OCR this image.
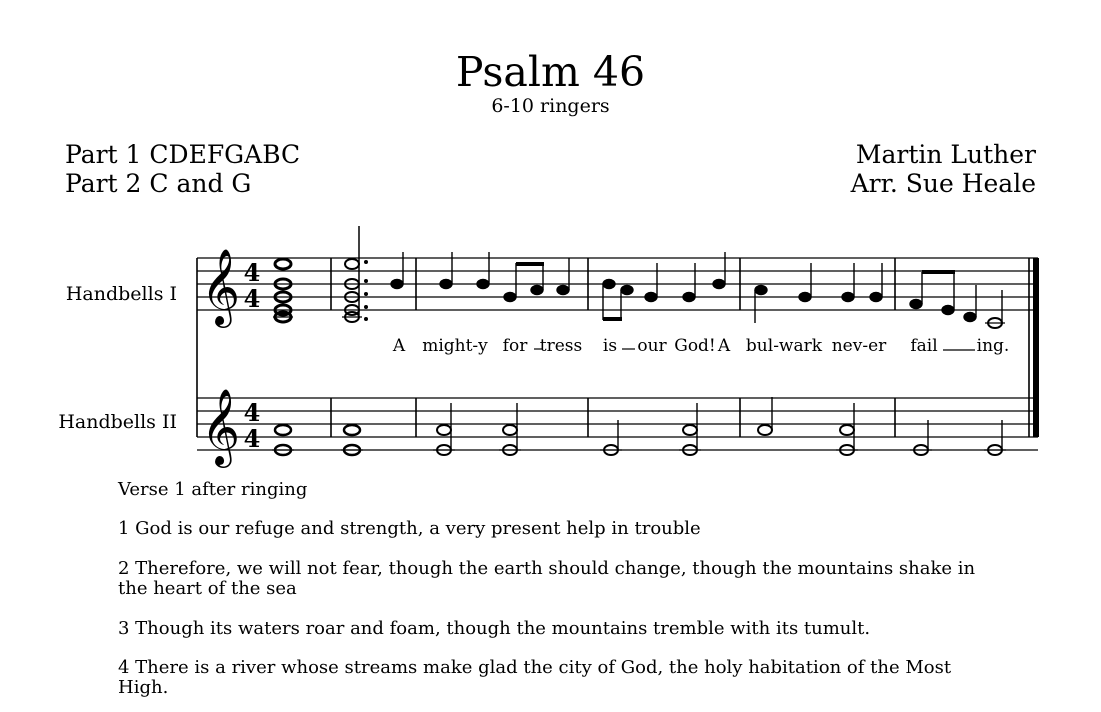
Psalm 46
6-10 ringers
Part 1 CDEFGABC
Part 2 C and G
Martin Luther
Arr. Sue Heale
Handbells I
Handbells II
𝄞
𝄞
4
4
4
4
A might-y for tress is our God! A bul-wark nev-er fail ing.
Verse 1 after ringing
1 God is our refuge and strength, a very present help in trouble
2 Therefore, we will not fear, though the earth should change, though the mountains shake in the heart of the sea
3 Though its waters roar and foam, though the mountains tremble with its tumult.
4 There is a river whose streams make glad the city of God, the holy habitation of the Most High.
